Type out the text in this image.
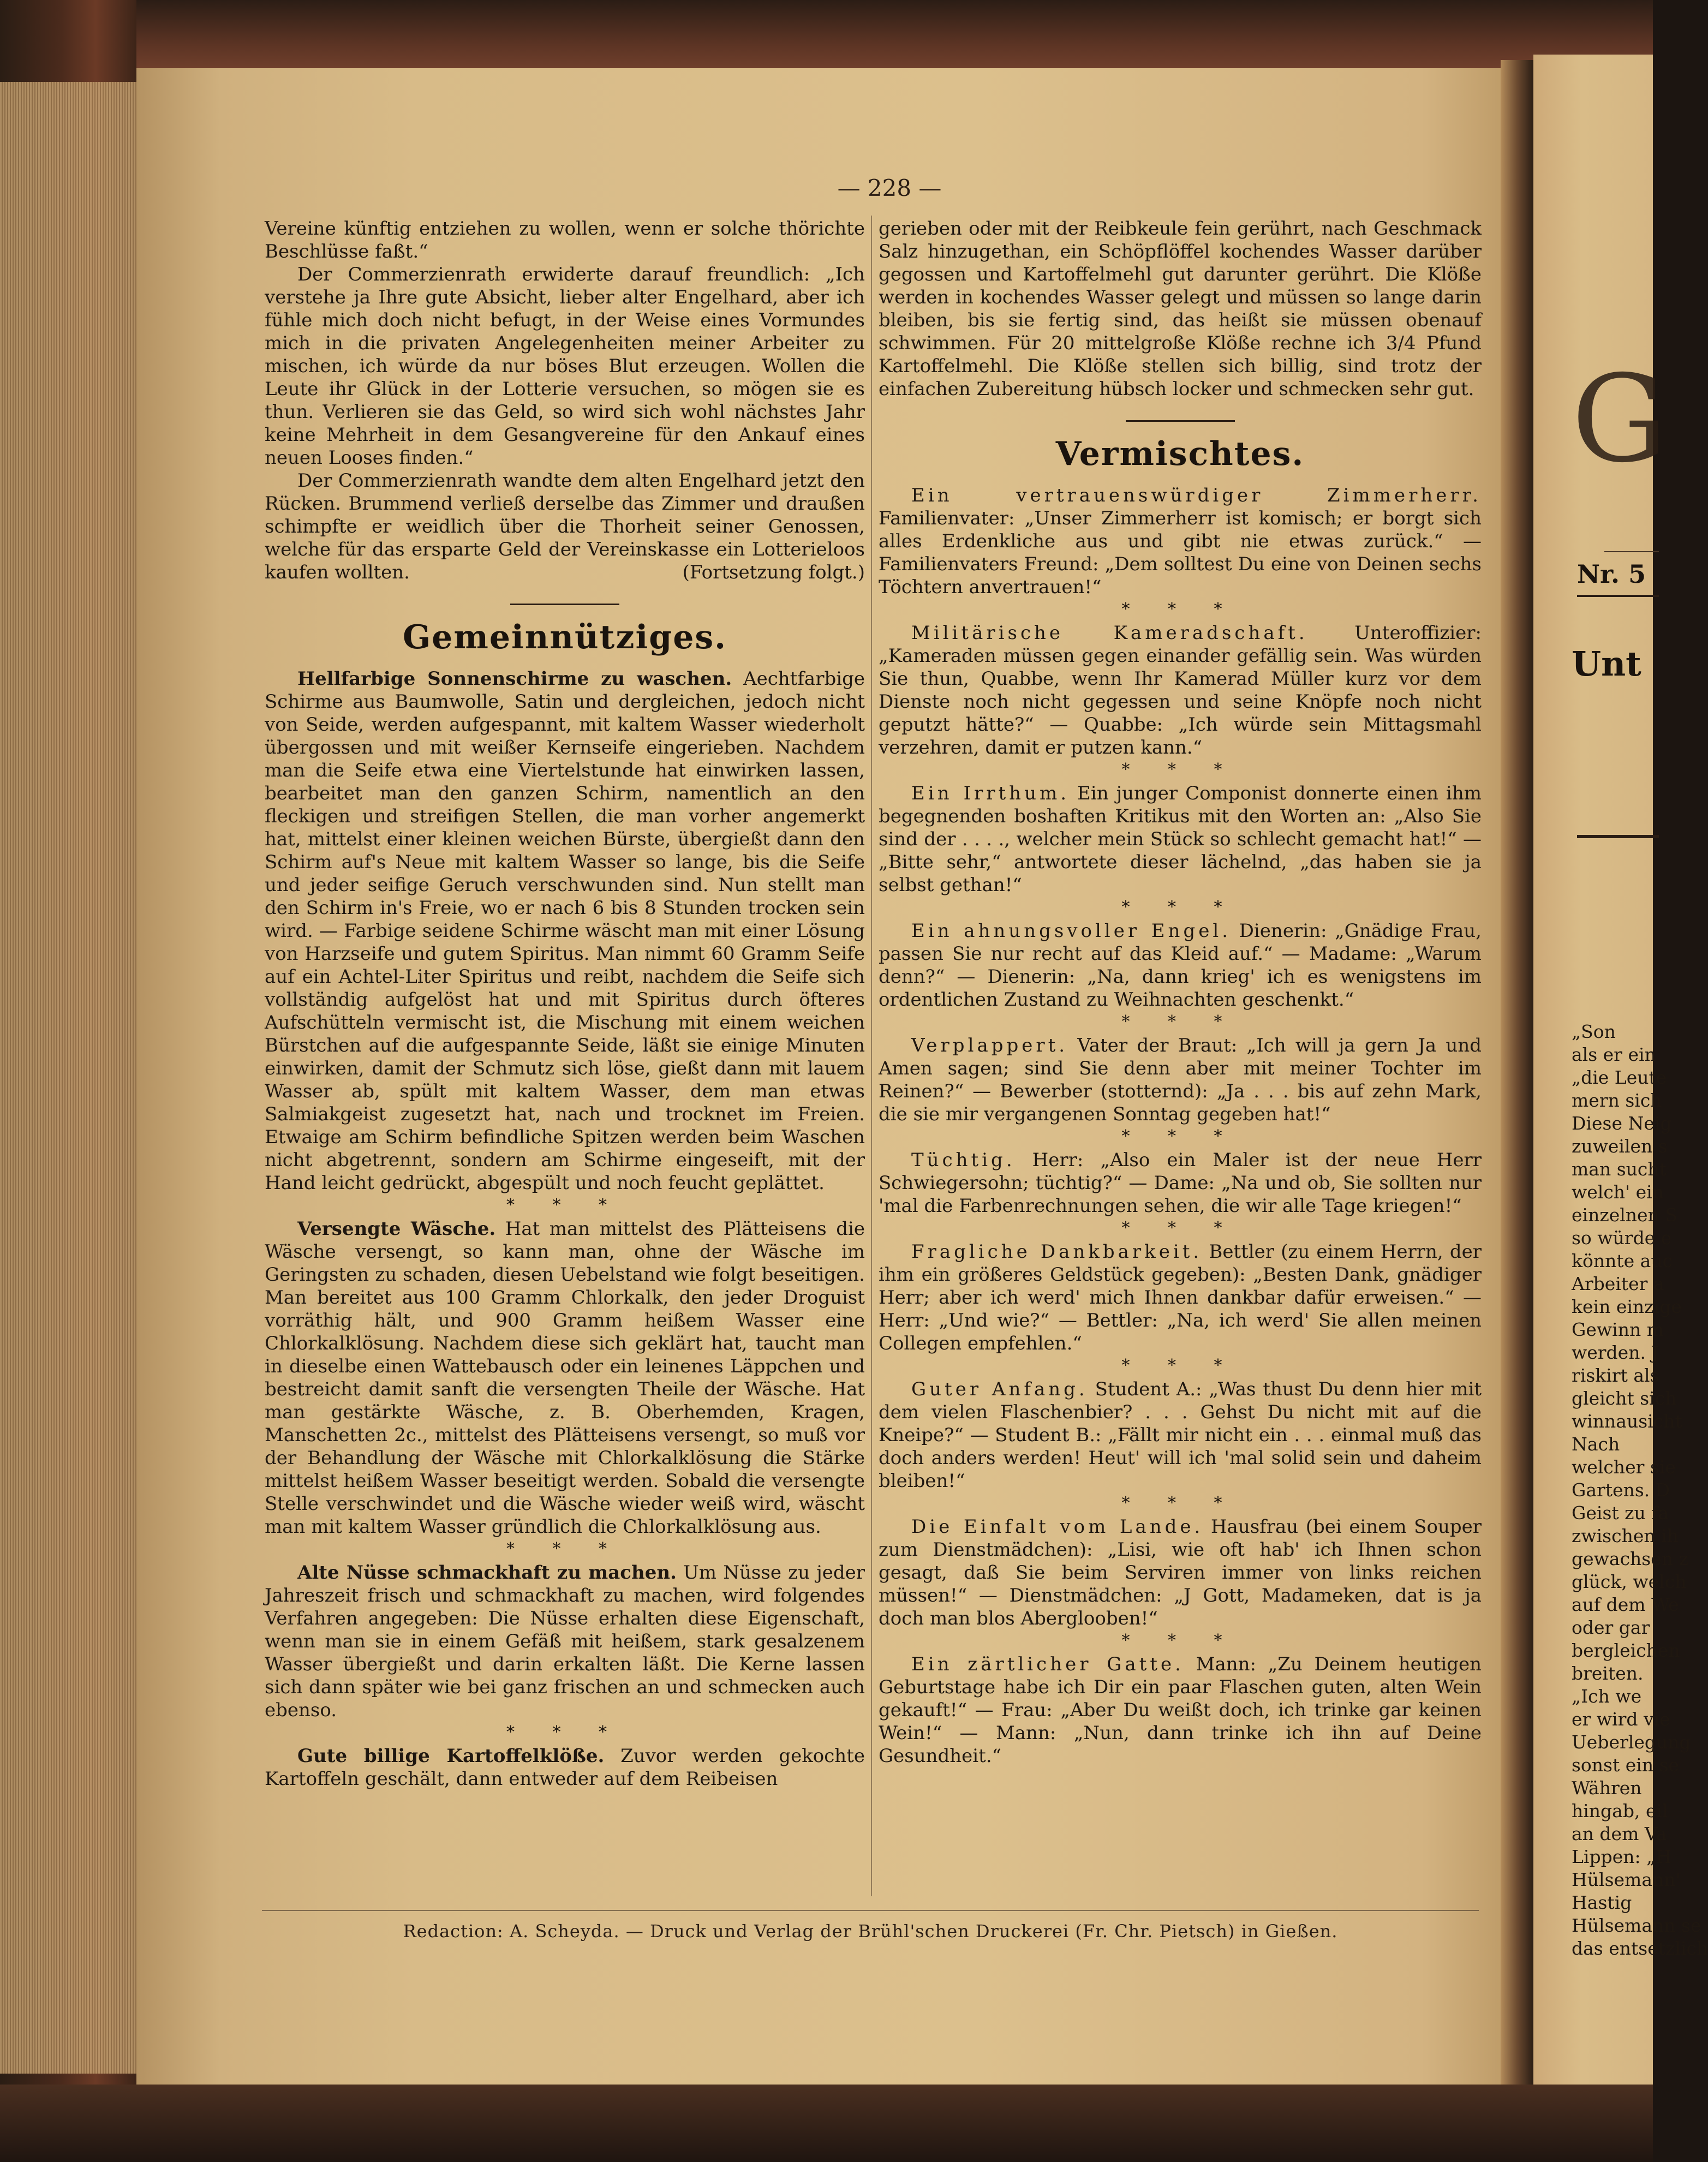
G
Nr. 5
Unt
„Son
als er ein
„die Leute
mern sich
Diese Neig
zuweilen s
man sucht
welch' ein
einzelnen S
so würde e
könnte auc
Arbeiter a
kein einzige
Gewinn m
werden. J
riskirt als
gleicht sich
winnausicht
Nach
welcher sie
Gartens. D
Geist zu fa
zwischen ih
gewachsen z
glück, welch
auf dem We
oder gar
bergleichen
breiten.
„Ich we
er wird vie
Ueberlegung
sonst ein se
Währen
hingab, eil
an dem Va
Lippen: „H
Hülsemann'
Hastig
Hülsemann se
das entsetzlich
— 228 —

Vereine künftig entziehen zu wollen, wenn er solche thörichte Beschlüsse faßt.“

Der Commerzienrath erwiderte darauf freundlich: „Ich verstehe ja Ihre gute Absicht, lieber alter Engelhard, aber ich fühle mich doch nicht befugt, in der Weise eines Vormundes mich in die privaten Angelegenheiten meiner Arbeiter zu mischen, ich würde da nur böses Blut erzeugen. Wollen die Leute ihr Glück in der Lotterie versuchen, so mögen sie es thun. Verlieren sie das Geld, so wird sich wohl nächstes Jahr keine Mehrheit in dem Gesangvereine für den Ankauf eines neuen Looses finden.“

Der Commerzienrath wandte dem alten Engelhard jetzt den Rücken. Brummend verließ derselbe das Zimmer und draußen schimpfte er weidlich über die Thorheit seiner Genossen, welche für das ersparte Geld der Vereinskasse ein Lotterieloos kaufen wollten.	(Fortsetzung folgt.)

Gemeinnütziges.

Hellfarbige Sonnenschirme zu waschen. Aechtfarbige Schirme aus Baumwolle, Satin und dergleichen, jedoch nicht von Seide, werden aufgespannt, mit kaltem Wasser wiederholt übergossen und mit weißer Kernseife eingerieben. Nachdem man die Seife etwa eine Viertelstunde hat einwirken lassen, bearbeitet man den ganzen Schirm, namentlich an den fleckigen und streifigen Stellen, die man vorher angemerkt hat, mittelst einer kleinen weichen Bürste, übergießt dann den Schirm auf's Neue mit kaltem Wasser so lange, bis die Seife und jeder seifige Geruch verschwunden sind. Nun stellt man den Schirm in's Freie, wo er nach 6 bis 8 Stunden trocken sein wird. — Farbige seidene Schirme wäscht man mit einer Lösung von Harzseife und gutem Spiritus. Man nimmt 60 Gramm Seife auf ein Achtel-Liter Spiritus und reibt, nachdem die Seife sich vollständig aufgelöst hat und mit Spiritus durch öfteres Aufschütteln vermischt ist, die Mischung mit einem weichen Bürstchen auf die aufgespannte Seide, läßt sie einige Minuten einwirken, damit der Schmutz sich löse, gießt dann mit lauem Wasser ab, spült mit kaltem Wasser, dem man etwas Salmiakgeist zugesetzt hat, nach und trocknet im Freien. Etwaige am Schirm befindliche Spitzen werden beim Waschen nicht abgetrennt, sondern am Schirme eingeseift, mit der Hand leicht gedrückt, abgespült und noch feucht geplättet.

* * *

Versengte Wäsche. Hat man mittelst des Plätteisens die Wäsche versengt, so kann man, ohne der Wäsche im Geringsten zu schaden, diesen Uebelstand wie folgt beseitigen. Man bereitet aus 100 Gramm Chlorkalk, den jeder Droguist vorräthig hält, und 900 Gramm heißem Wasser eine Chlorkalklösung. Nachdem diese sich geklärt hat, taucht man in dieselbe einen Wattebausch oder ein leinenes Läppchen und bestreicht damit sanft die versengten Theile der Wäsche. Hat man gestärkte Wäsche, z. B. Oberhemden, Kragen, Manschetten 2c., mittelst des Plätteisens versengt, so muß vor der Behandlung der Wäsche mit Chlorkalklösung die Stärke mittelst heißem Wasser beseitigt werden. Sobald die versengte Stelle verschwindet und die Wäsche wieder weiß wird, wäscht man mit kaltem Wasser gründlich die Chlorkalklösung aus.

* * *

Alte Nüsse schmackhaft zu machen. Um Nüsse zu jeder Jahreszeit frisch und schmackhaft zu machen, wird folgendes Verfahren angegeben: Die Nüsse erhalten diese Eigenschaft, wenn man sie in einem Gefäß mit heißem, stark gesalzenem Wasser übergießt und darin erkalten läßt. Die Kerne lassen sich dann später wie bei ganz frischen an und schmecken auch ebenso.

* * *

Gute billige Kartoffelklöße. Zuvor werden gekochte Kartoffeln geschält, dann entweder auf dem Reibeisen

gerieben oder mit der Reibkeule fein gerührt, nach Geschmack Salz hinzugethan, ein Schöpflöffel kochendes Wasser darüber gegossen und Kartoffelmehl gut darunter gerührt. Die Klöße werden in kochendes Wasser gelegt und müssen so lange darin bleiben, bis sie fertig sind, das heißt sie müssen obenauf schwimmen. Für 20 mittelgroße Klöße rechne ich 3/4 Pfund Kartoffelmehl. Die Klöße stellen sich billig, sind trotz der einfachen Zubereitung hübsch locker und schmecken sehr gut.

Vermischtes.

Ein vertrauenswürdiger Zimmerherr. Familienvater: „Unser Zimmerherr ist komisch; er borgt sich alles Erdenkliche aus und gibt nie etwas zurück.“ — Familienvaters Freund: „Dem solltest Du eine von Deinen sechs Töchtern anvertrauen!“

* * *

Militärische Kameradschaft.	Unteroffizier: „Kameraden müssen gegen einander gefällig sein. Was würden Sie thun, Quabbe, wenn Ihr Kamerad Müller kurz vor dem Dienste noch nicht gegessen und seine Knöpfe noch nicht geputzt hätte?“ — Quabbe: „Ich würde sein Mittagsmahl verzehren, damit er putzen kann.“

* * *

Ein Irrthum. Ein junger Componist donnerte einen ihm begegnenden boshaften Kritikus mit den Worten an: „Also Sie sind der . . . ., welcher mein Stück so schlecht gemacht hat!“ — „Bitte sehr,“ antwortete dieser lächelnd, „das haben sie ja selbst gethan!“

* * *

Ein ahnungsvoller Engel. Dienerin: „Gnädige Frau, passen Sie nur recht auf das Kleid auf.“ — Madame: „Warum denn?“ — Dienerin: „Na, dann krieg' ich es wenigstens im ordentlichen Zustand zu Weihnachten geschenkt.“

* * *

Verplappert. Vater der Braut: „Ich will ja gern Ja und Amen sagen; sind Sie denn aber mit meiner Tochter im Reinen?“ — Bewerber (stotternd): „Ja . . . bis auf zehn Mark, die sie mir vergangenen Sonntag gegeben hat!“

* * *

Tüchtig. Herr: „Also ein Maler ist der neue Herr Schwiegersohn; tüchtig?“ — Dame: „Na und ob, Sie sollten nur 'mal die Farbenrechnungen sehen, die wir alle Tage kriegen!“

* * *

Fragliche Dankbarkeit. Bettler (zu einem Herrn, der ihm ein größeres Geldstück gegeben): „Besten Dank, gnädiger Herr; aber ich werd' mich Ihnen dankbar dafür erweisen.“ — Herr: „Und wie?“ — Bettler: „Na, ich werd' Sie allen meinen Collegen empfehlen.“

* * *

Guter Anfang. Student A.: „Was thust Du denn hier mit dem vielen Flaschenbier? . . . Gehst Du nicht mit auf die Kneipe?“ — Student B.: „Fällt mir nicht ein . . . einmal muß das doch anders werden! Heut' will ich 'mal solid sein und daheim bleiben!“

* * *

Die Einfalt vom Lande. Hausfrau (bei einem Souper zum Dienstmädchen): „Lisi, wie oft hab' ich Ihnen schon gesagt, daß Sie beim Serviren immer von links reichen müssen!“ — Dienstmädchen: „J Gott, Madameken, dat is ja doch man blos Aberglooben!“

* * *

Ein zärtlicher Gatte. Mann: „Zu Deinem heutigen Geburtstage habe ich Dir ein paar Flaschen guten, alten Wein gekauft!“ — Frau: „Aber Du weißt doch, ich trinke gar keinen Wein!“ — Mann: „Nun, dann trinke ich ihn auf Deine Gesundheit.“

Redaction: A. Scheyda. — Druck und Verlag der Brühl'schen Druckerei (Fr. Chr. Pietsch) in Gießen.
